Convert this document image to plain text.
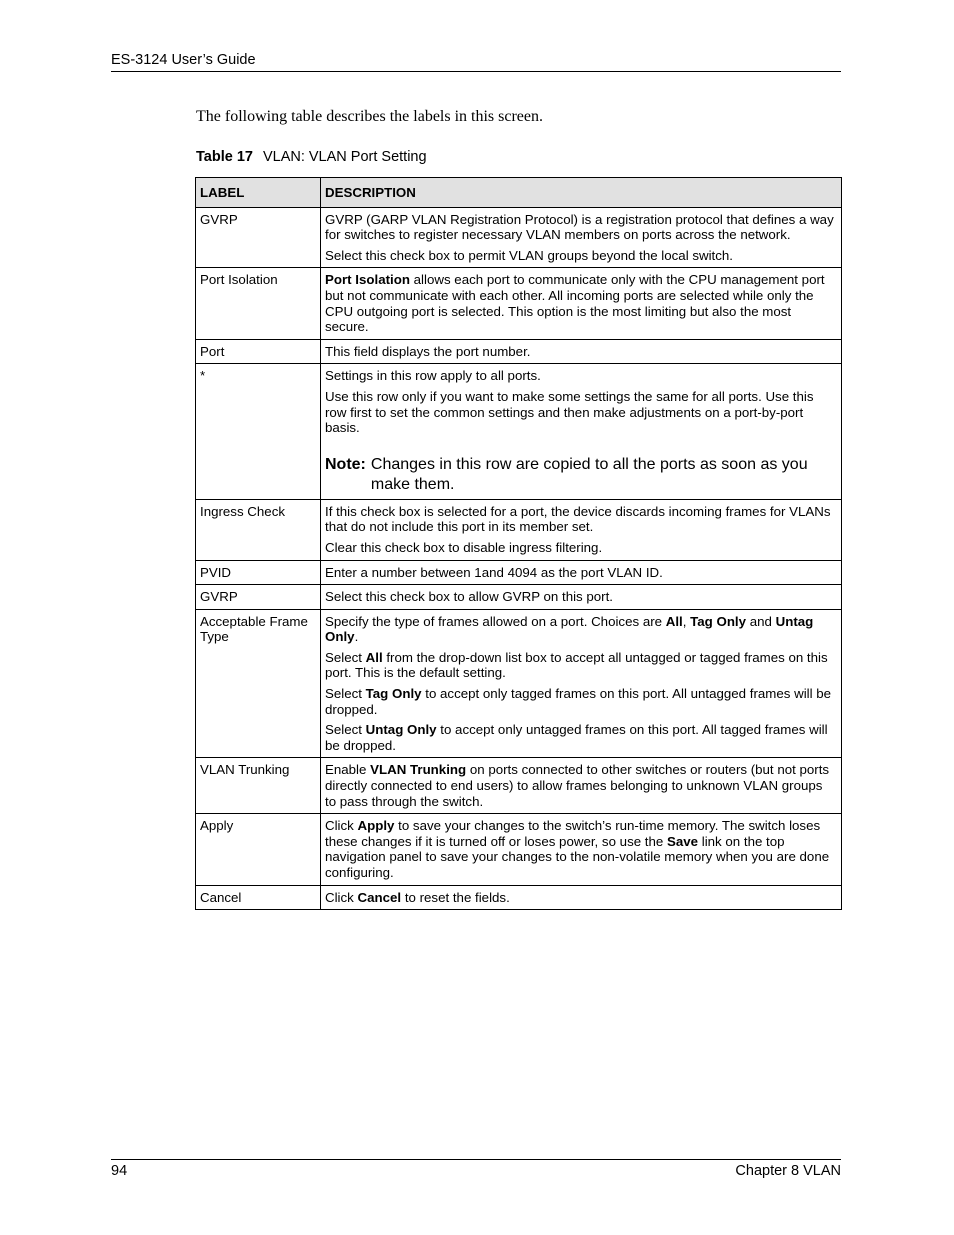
ES-3124 User’s Guide
The following table describes the labels in this screen.
Table 17 VLAN: VLAN Port Setting
LABEL	DESCRIPTION
GVRP	GVRP (GARP VLAN Registration Protocol) is a registration protocol that defines a way for switches to register necessary VLAN members on ports across the network.
Select this check box to permit VLAN groups beyond the local switch.

Port Isolation	Port Isolation allows each port to communicate only with the CPU management port but not communicate with each other. All incoming ports are selected while only the CPU outgoing port is selected. This option is the most limiting but also the most secure.

Port	This field displays the port number.

*	Settings in this row apply to all ports.
Use this row only if you want to make some settings the same for all ports. Use this row first to set the common settings and then make adjustments on a port-by-port basis.
Note: Changes in this row are copied to all the ports as soon as you make them.

Ingress Check	If this check box is selected for a port, the device discards incoming frames for VLANs that do not include this port in its member set.
Clear this check box to disable ingress filtering.

PVID	Enter a number between 1and 4094 as the port VLAN ID.

GVRP	Select this check box to allow GVRP on this port.

Acceptable Frame Type	Specify the type of frames allowed on a port. Choices are All, Tag Only and Untag Only.
Select All from the drop-down list box to accept all untagged or tagged frames on this port. This is the default setting.
Select Tag Only to accept only tagged frames on this port. All untagged frames will be dropped.
Select Untag Only to accept only untagged frames on this port. All tagged frames will be dropped.

VLAN Trunking	Enable VLAN Trunking on ports connected to other switches or routers (but not ports directly connected to end users) to allow frames belonging to unknown VLAN groups to pass through the switch.

Apply	Click Apply to save your changes to the switch’s run-time memory. The switch loses these changes if it is turned off or loses power, so use the Save link on the top navigation panel to save your changes to the non-volatile memory when you are done configuring.

Cancel	Click Cancel to reset the fields.
94	Chapter 8 VLAN
